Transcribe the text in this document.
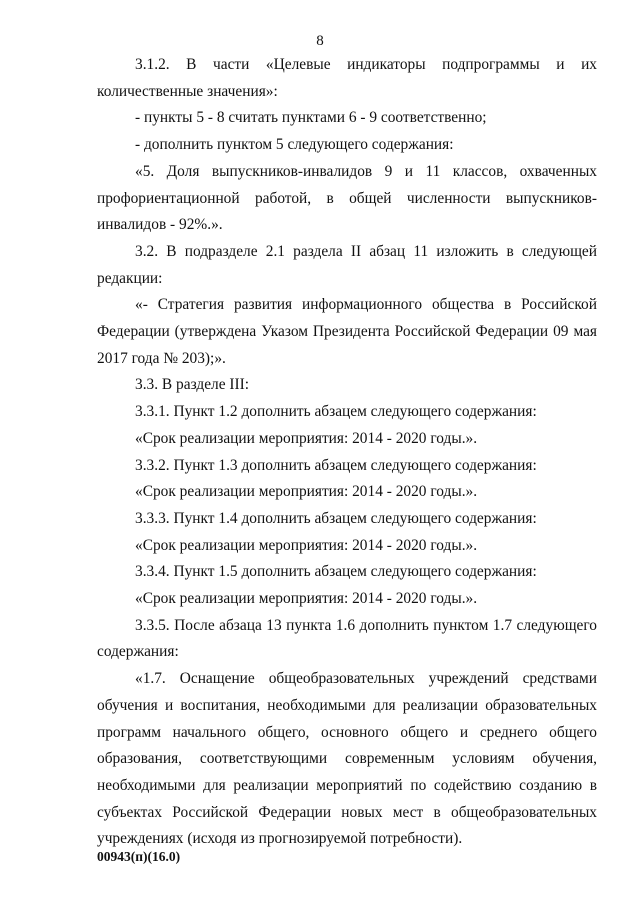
8

3.1.2. В части «Целевые индикаторы подпрограммы и их количественные значения»:

- пункты 5 - 8 считать пунктами 6 - 9 соответственно;

- дополнить пунктом 5 следующего содержания:

«5. Доля выпускников-инвалидов 9 и 11 классов, охваченных профориентационной работой, в общей численности выпускников-инвалидов - 92%.».

3.2. В подразделе 2.1 раздела II абзац 11 изложить в следующей редакции:

«- Стратегия развития информационного общества в Российской Федерации (утверждена Указом Президента Российской Федерации 09 мая 2017 года № 203);».

3.3. В разделе III:

3.3.1. Пункт 1.2 дополнить абзацем следующего содержания:

«Срок реализации мероприятия: 2014 - 2020 годы.».

3.3.2. Пункт 1.3 дополнить абзацем следующего содержания:

«Срок реализации мероприятия: 2014 - 2020 годы.».

3.3.3. Пункт 1.4 дополнить абзацем следующего содержания:

«Срок реализации мероприятия: 2014 - 2020 годы.».

3.3.4. Пункт 1.5 дополнить абзацем следующего содержания:

«Срок реализации мероприятия: 2014 - 2020 годы.».

3.3.5. После абзаца 13 пункта 1.6 дополнить пунктом 1.7 следующего содержания:

«1.7. Оснащение общеобразовательных учреждений средствами обучения и воспитания, необходимыми для реализации образовательных программ начального общего, основного общего и среднего общего образования, соответствующими современным условиям обучения, необходимыми для реализации мероприятий по содействию созданию в субъектах Российской Федерации новых мест в общеобразовательных учреждениях (исходя из прогнозируемой потребности).

00943(п)(16.0)
